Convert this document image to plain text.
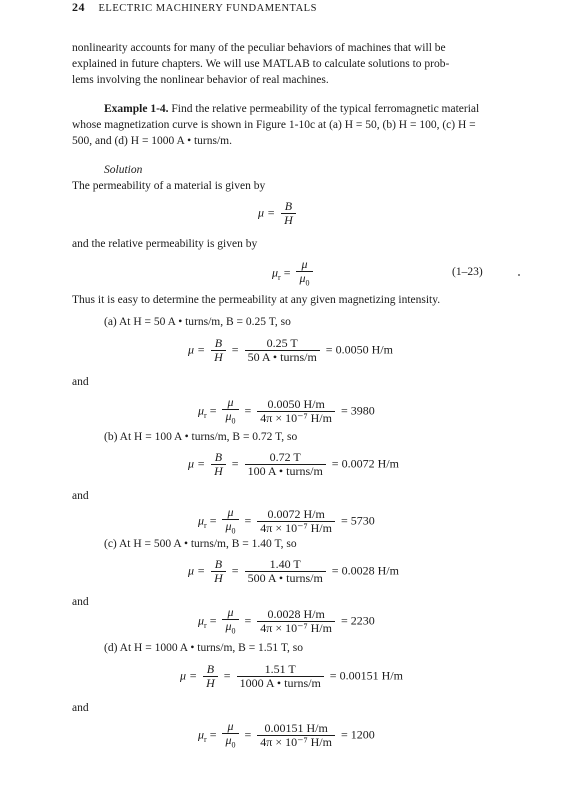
24 ELECTRIC MACHINERY FUNDAMENTALS
nonlinearity accounts for many of the peculiar behaviors of machines that will be
explained in future chapters. We will use MATLAB to calculate solutions to prob-
lems involving the nonlinear behavior of real machines.
Example 1-4. Find the relative permeability of the typical ferromagnetic material
whose magnetization curve is shown in Figure 1-10c at (a) H = 50, (b) H = 100, (c) H =
500, and (d) H = 1000 A • turns/m.
Solution
The permeability of a material is given by
$\mu = \frac{B}{H}$
and the relative permeability is given by
$\mu_r = \frac{\mu}{\mu_0}$	(1–23)
Thus it is easy to determine the permeability at any given magnetizing intensity.
(a) At H = 50 A • turns/m, B = 0.25 T, so
$\mu = \frac{B}{H} = \frac{0.25 T}{\text{50 A • turns/m}} = 0.0050$ H/m
and
$\mu_r = \frac{\mu}{\mu_0} = \frac{0.0050 H/m}{\text{4π × 10⁻⁷ H/m}} = 3980$
(b) At H = 100 A • turns/m, B = 0.72 T, so
$\mu = \frac{B}{H} = \frac{0.72 T}{\text{100 A • turns/m}} = 0.0072$ H/m
and
$\mu_r = \frac{\mu}{\mu_0} = \frac{0.0072 H/m}{\text{4π × 10⁻⁷ H/m}} = 5730$
(c) At H = 500 A • turns/m, B = 1.40 T, so
$\mu = \frac{B}{H} = \frac{1.40 T}{\text{500 A • turns/m}} = 0.0028$ H/m
and
$\mu_r = \frac{\mu}{\mu_0} = \frac{0.0028 H/m}{\text{4π × 10⁻⁷ H/m}} = 2230$
(d) At H = 1000 A • turns/m, B = 1.51 T, so
$\mu = \frac{B}{H} = \frac{1.51 T}{\text{1000 A • turns/m}} = 0.00151$ H/m
and
$\mu_r = \frac{\mu}{\mu_0} = \frac{0.00151 H/m}{\text{4π × 10⁻⁷ H/m}} = 1200$
